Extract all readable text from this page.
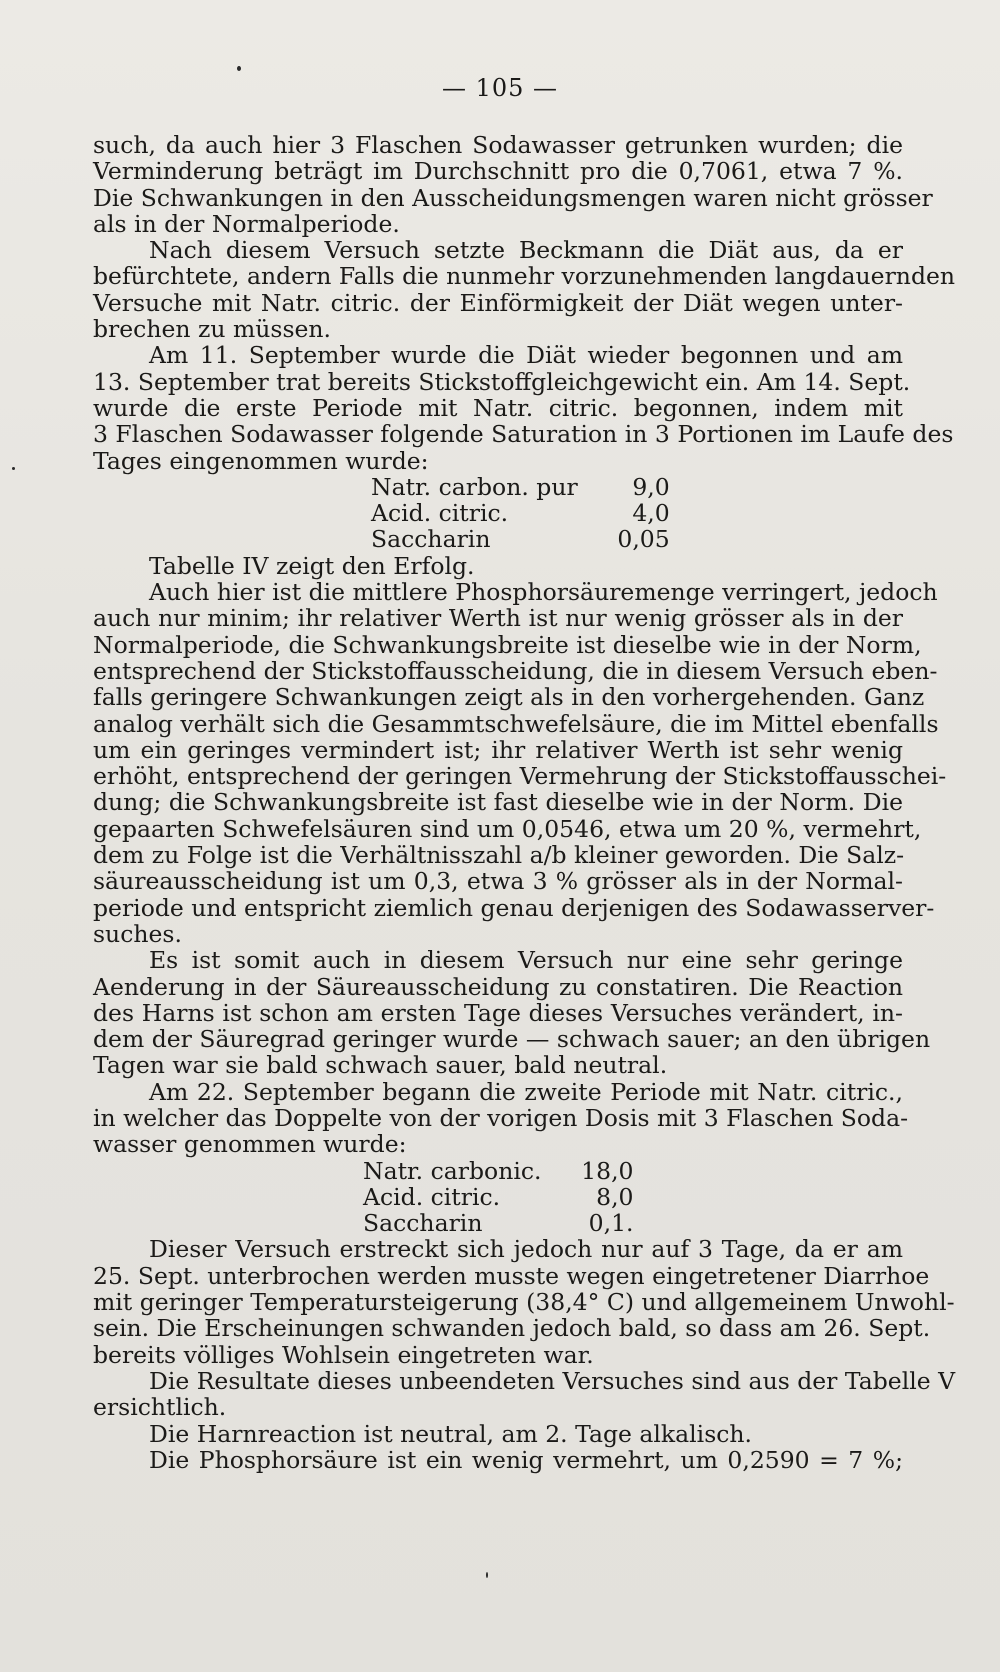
— 105 —
such, da auch hier 3 Flaschen Sodawasser getrunken wurden; die
Verminderung beträgt im Durchschnitt pro die 0,7061, etwa 7 %.
Die Schwankungen in den Ausscheidungsmengen waren nicht grösser
als in der Normalperiode.
Nach diesem Versuch setzte Beckmann die Diät aus, da er
befürchtete, andern Falls die nunmehr vorzunehmenden langdauernden
Versuche mit Natr. citric. der Einförmigkeit der Diät wegen unter-
brechen zu müssen.
Am 11. September wurde die Diät wieder begonnen und am
13. September trat bereits Stickstoffgleichgewicht ein. Am 14. Sept.
wurde die erste Periode mit Natr. citric. begonnen, indem mit
3 Flaschen Sodawasser folgende Saturation in 3 Portionen im Laufe des
Tages eingenommen wurde:
Natr. carbon. pur	9,0
Acid. citric.	4,0
Saccharin	0,05
Tabelle IV zeigt den Erfolg.
Auch hier ist die mittlere Phosphorsäuremenge verringert, jedoch
auch nur minim; ihr relativer Werth ist nur wenig grösser als in der
Normalperiode, die Schwankungsbreite ist dieselbe wie in der Norm,
entsprechend der Stickstoffausscheidung, die in diesem Versuch eben-
falls geringere Schwankungen zeigt als in den vorhergehenden. Ganz
analog verhält sich die Gesammtschwefelsäure, die im Mittel ebenfalls
um ein geringes vermindert ist; ihr relativer Werth ist sehr wenig
erhöht, entsprechend der geringen Vermehrung der Stickstoffausschei-
dung; die Schwankungsbreite ist fast dieselbe wie in der Norm. Die
gepaarten Schwefelsäuren sind um 0,0546, etwa um 20 %, vermehrt,
dem zu Folge ist die Verhältnisszahl a/b kleiner geworden. Die Salz-
säureausscheidung ist um 0,3, etwa 3 % grösser als in der Normal-
periode und entspricht ziemlich genau derjenigen des Sodawasserver-
suches.
Es ist somit auch in diesem Versuch nur eine sehr geringe
Aenderung in der Säureausscheidung zu constatiren. Die Reaction
des Harns ist schon am ersten Tage dieses Versuches verändert, in-
dem der Säuregrad geringer wurde — schwach sauer; an den übrigen
Tagen war sie bald schwach sauer, bald neutral.
Am 22. September begann die zweite Periode mit Natr. citric.,
in welcher das Doppelte von der vorigen Dosis mit 3 Flaschen Soda-
wasser genommen wurde:
Natr. carbonic.	18,0
Acid. citric.	8,0
Saccharin	0,1.
Dieser Versuch erstreckt sich jedoch nur auf 3 Tage, da er am
25. Sept. unterbrochen werden musste wegen eingetretener Diarrhoe
mit geringer Temperatursteigerung (38,4° C) und allgemeinem Unwohl-
sein. Die Erscheinungen schwanden jedoch bald, so dass am 26. Sept.
bereits völliges Wohlsein eingetreten war.
Die Resultate dieses unbeendeten Versuches sind aus der Tabelle V
ersichtlich.
Die Harnreaction ist neutral, am 2. Tage alkalisch.
Die Phosphorsäure ist ein wenig vermehrt, um 0,2590 = 7 %;
